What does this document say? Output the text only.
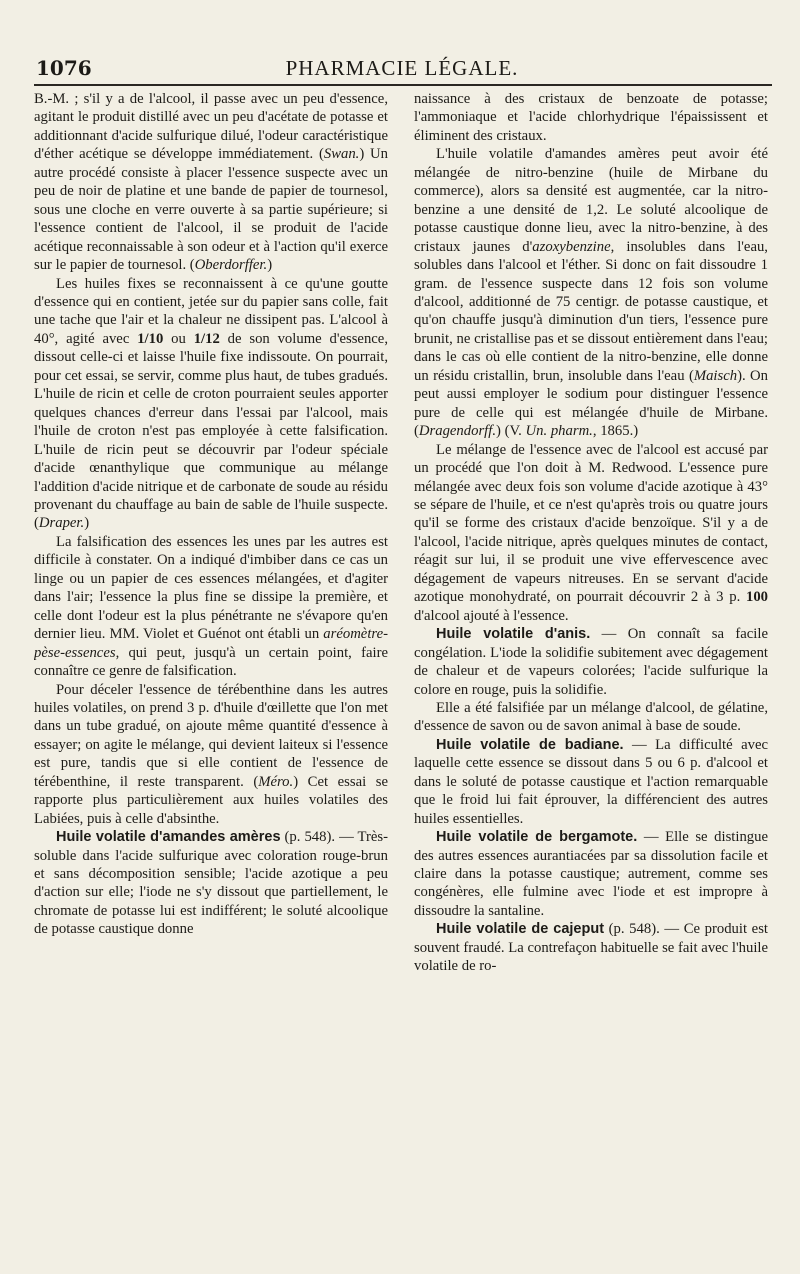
1076	PHARMACIE LÉGALE.

B.-M. ; s'il y a de l'alcool, il passe avec un peu d'essence, agitant le produit distillé avec un peu d'acétate de potasse et additionnant d'acide sulfurique dilué, l'odeur caractéristique d'éther acétique se développe immédiatement. (Swan.) Un autre procédé consiste à placer l'essence suspecte avec un peu de noir de platine et une bande de papier de tournesol, sous une cloche en verre ouverte à sa partie supérieure; si l'essence contient de l'alcool, il se produit de l'acide acétique reconnaissable à son odeur et à l'action qu'il exerce sur le papier de tournesol. (Oberdorffer.)

Les huiles fixes se reconnaissent à ce qu'une goutte d'essence qui en contient, jetée sur du papier sans colle, fait une tache que l'air et la chaleur ne dissipent pas. L'alcool à 40°, agité avec 1/10 ou 1/12 de son volume d'essence, dissout celle-ci et laisse l'huile fixe indissoute. On pourrait, pour cet essai, se servir, comme plus haut, de tubes gradués. L'huile de ricin et celle de croton pourraient seules apporter quelques chances d'erreur dans l'essai par l'alcool, mais l'huile de croton n'est pas employée à cette falsification. L'huile de ricin peut se découvrir par l'odeur spéciale d'acide œnanthylique que communique au mélange l'addition d'acide nitrique et de carbonate de soude au résidu provenant du chauffage au bain de sable de l'huile suspecte. (Draper.)

La falsification des essences les unes par les autres est difficile à constater. On a indiqué d'imbiber dans ce cas un linge ou un papier de ces essences mélangées, et d'agiter dans l'air; l'essence la plus fine se dissipe la première, et celle dont l'odeur est la plus pénétrante ne s'évapore qu'en dernier lieu. MM. Violet et Guénot ont établi un aréomètre-pèse-essences, qui peut, jusqu'à un certain point, faire connaître ce genre de falsification.

Pour déceler l'essence de térébenthine dans les autres huiles volatiles, on prend 3 p. d'huile d'œillette que l'on met dans un tube gradué, on ajoute même quantité d'essence à essayer; on agite le mélange, qui devient laiteux si l'essence est pure, tandis que si elle contient de l'essence de térébenthine, il reste transparent. (Méro.) Cet essai se rapporte plus particulièrement aux huiles volatiles des Labiées, puis à celle d'absinthe.

Huile volatile d'amandes amères (p. 548). — Très-soluble dans l'acide sulfurique avec coloration rouge-brun et sans décomposition sensible; l'acide azotique a peu d'action sur elle; l'iode ne s'y dissout que partiellement, le chromate de potasse lui est indifférent; le soluté alcoolique de potasse caustique donne

naissance à des cristaux de benzoate de potasse; l'ammoniaque et l'acide chlorhydrique l'épaississent et éliminent des cristaux.

L'huile volatile d'amandes amères peut avoir été mélangée de nitro-benzine (huile de Mirbane du commerce), alors sa densité est augmentée, car la nitro-benzine a une densité de 1,2. Le soluté alcoolique de potasse caustique donne lieu, avec la nitro-benzine, à des cristaux jaunes d'azoxybenzine, insolubles dans l'eau, solubles dans l'alcool et l'éther. Si donc on fait dissoudre 1 gram. de l'essence suspecte dans 12 fois son volume d'alcool, additionné de 75 centigr. de potasse caustique, et qu'on chauffe jusqu'à diminution d'un tiers, l'essence pure brunit, ne cristallise pas et se dissout entièrement dans l'eau; dans le cas où elle contient de la nitro-benzine, elle donne un résidu cristallin, brun, insoluble dans l'eau (Maisch). On peut aussi employer le sodium pour distinguer l'essence pure de celle qui est mélangée d'huile de Mirbane. (Dragendorff.) (V. Un. pharm., 1865.)

Le mélange de l'essence avec de l'alcool est accusé par un procédé que l'on doit à M. Redwood. L'essence pure mélangée avec deux fois son volume d'acide azotique à 43° se sépare de l'huile, et ce n'est qu'après trois ou quatre jours qu'il se forme des cristaux d'acide benzoïque. S'il y a de l'alcool, l'acide nitrique, après quelques minutes de contact, réagit sur lui, il se produit une vive effervescence avec dégagement de vapeurs nitreuses. En se servant d'acide azotique monohydraté, on pourrait découvrir 2 à 3 p. 100 d'alcool ajouté à l'essence.

Huile volatile d'anis. — On connaît sa facile congélation. L'iode la solidifie subitement avec dégagement de chaleur et de vapeurs colorées; l'acide sulfurique la colore en rouge, puis la solidifie.

Elle a été falsifiée par un mélange d'alcool, de gélatine, d'essence de savon ou de savon animal à base de soude.

Huile volatile de badiane. — La difficulté avec laquelle cette essence se dissout dans 5 ou 6 p. d'alcool et dans le soluté de potasse caustique et l'action remarquable que le froid lui fait éprouver, la différencient des autres huiles essentielles.

Huile volatile de bergamote. — Elle se distingue des autres essences aurantiacées par sa dissolution facile et claire dans la potasse caustique; autrement, comme ses congénères, elle fulmine avec l'iode et est impropre à dissoudre la santaline.

Huile volatile de cajeput (p. 548). — Ce produit est souvent fraudé. La contrefaçon habituelle se fait avec l'huile volatile de ro-
